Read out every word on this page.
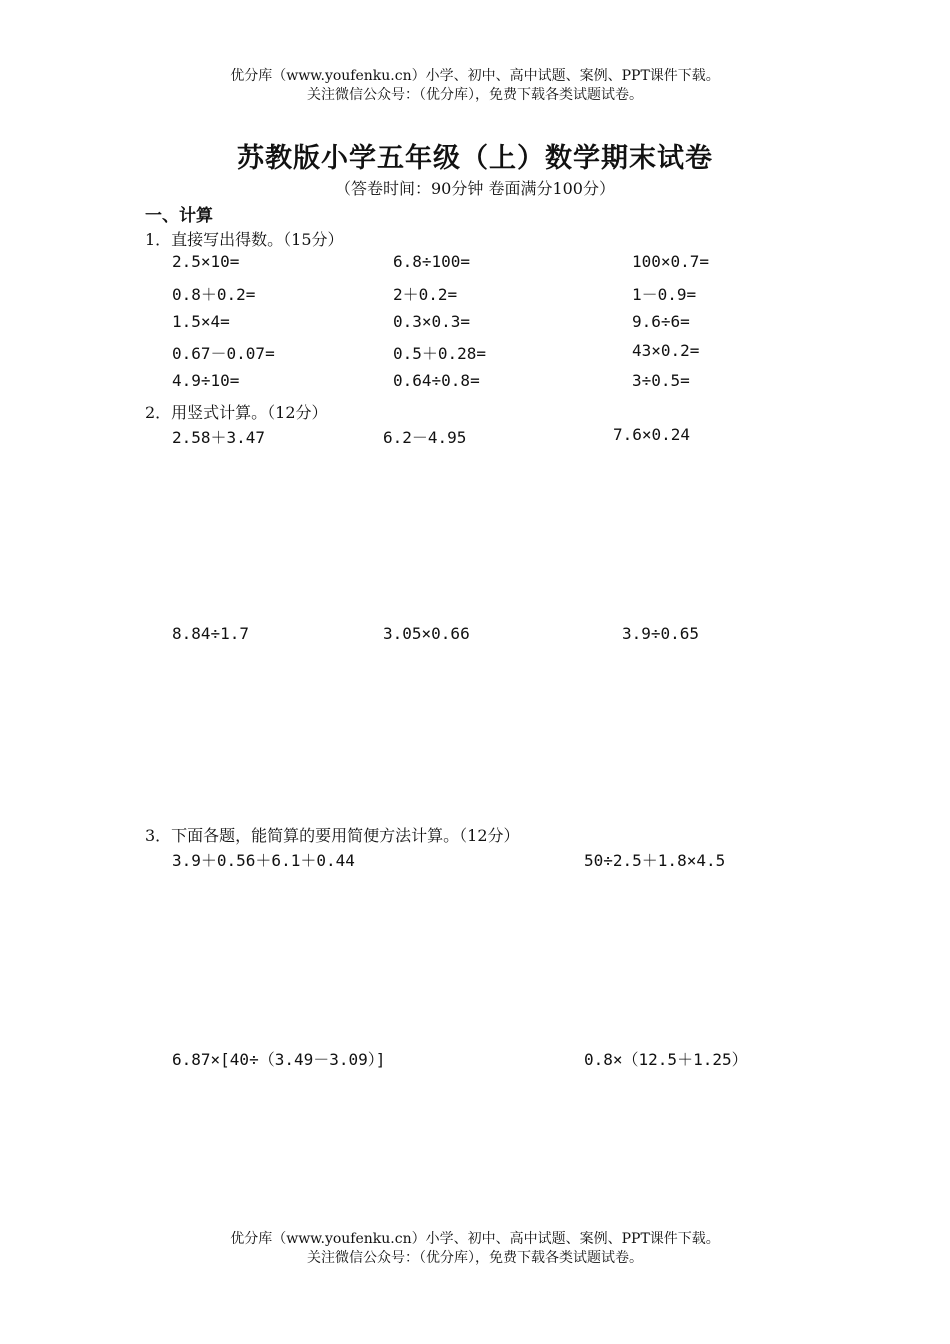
优分库（www.youfenku.cn）小学、初中、高中试题、案例、PPT课件下载。
关注微信公众号：（优分库），免费下载各类试题试卷。
苏教版小学五年级（上）数学期末试卷
（答卷时间：90分钟 卷面满分100分）
一、计算
1．直接写出得数。（15分）
2.5×10=	6.8÷100=	100×0.7=
0.8＋0.2=	2＋0.2=	1－0.9=
1.5×4=	0.3×0.3=	9.6÷6=
0.67－0.07=	0.5＋0.28=	43×0.2=
4.9÷10=	0.64÷0.8=	3÷0.5=
2．用竖式计算。（12分）
2.58＋3.47	6.2－4.95	7.6×0.24
8.84÷1.7	3.05×0.66	3.9÷0.65
3．下面各题，能简算的要用简便方法计算。（12分）
3.9＋0.56＋6.1＋0.44	50÷2.5＋1.8×4.5
6.87×[40÷（3.49－3.09）]	0.8×（12.5＋1.25）
优分库（www.youfenku.cn）小学、初中、高中试题、案例、PPT课件下载。
关注微信公众号：（优分库），免费下载各类试题试卷。
